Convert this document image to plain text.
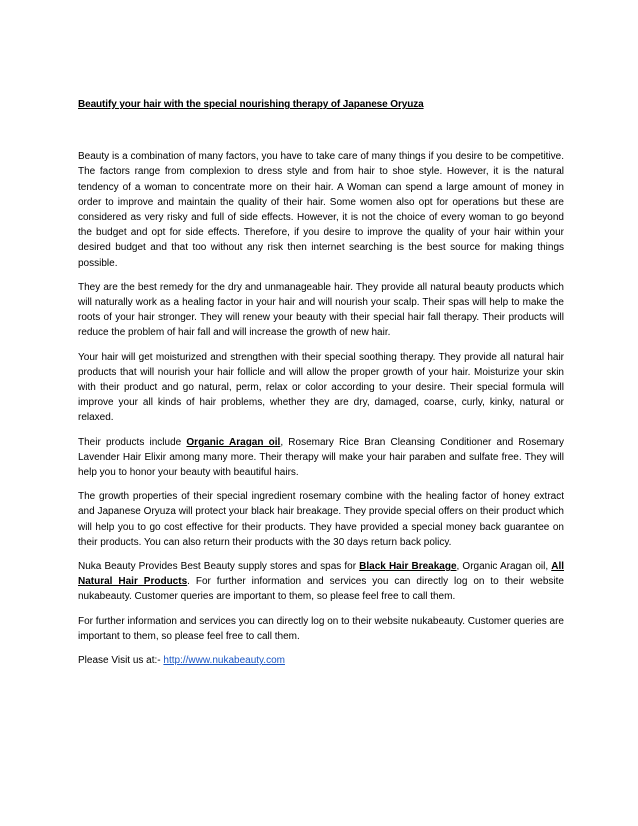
Beautify your hair with the special nourishing therapy of Japanese Oryuza

Beauty is a combination of many factors, you have to take care of many things if you desire to be competitive. The factors range from complexion to dress style and from hair to shoe style. However, it is the natural tendency of a woman to concentrate more on their hair. A Woman can spend a large amount of money in order to improve and maintain the quality of their hair. Some women also opt for operations but these are considered as very risky and full of side effects. However, it is not the choice of every woman to go beyond the budget and opt for side effects. Therefore, if you desire to improve the quality of your hair within your desired budget and that too without any risk then internet searching is the best source for making things possible.

They are the best remedy for the dry and unmanageable hair. They provide all natural beauty products which will naturally work as a healing factor in your hair and will nourish your scalp. Their spas will help to make the roots of your hair stronger. They will renew your beauty with their special hair fall therapy. Their products will reduce the problem of hair fall and will increase the growth of new hair.

Your hair will get moisturized and strengthen with their special soothing therapy. They provide all natural hair products that will nourish your hair follicle and will allow the proper growth of your hair. Moisturize your skin with their product and go natural, perm, relax or color according to your desire. Their special formula will improve your all kinds of hair problems, whether they are dry, damaged, coarse, curly, kinky, natural or relaxed.

Their products include Organic Aragan oil, Rosemary Rice Bran Cleansing Conditioner and Rosemary Lavender Hair Elixir among many more. Their therapy will make your hair paraben and sulfate free. They will help you to honor your beauty with beautiful hairs.

The growth properties of their special ingredient rosemary combine with the healing factor of honey extract and Japanese Oryuza will protect your black hair breakage. They provide special offers on their product which will help you to go cost effective for their products. They have provided a special money back guarantee on their products. You can also return their products with the 30 days return back policy.

Nuka Beauty Provides Best Beauty supply stores and spas for Black Hair Breakage, Organic Aragan oil, All Natural Hair Products. For further information and services you can directly log on to their website nukabeauty. Customer queries are important to them, so please feel free to call them.

For further information and services you can directly log on to their website nukabeauty. Customer queries are important to them, so please feel free to call them.

Please Visit us at:- http://www.nukabeauty.com
